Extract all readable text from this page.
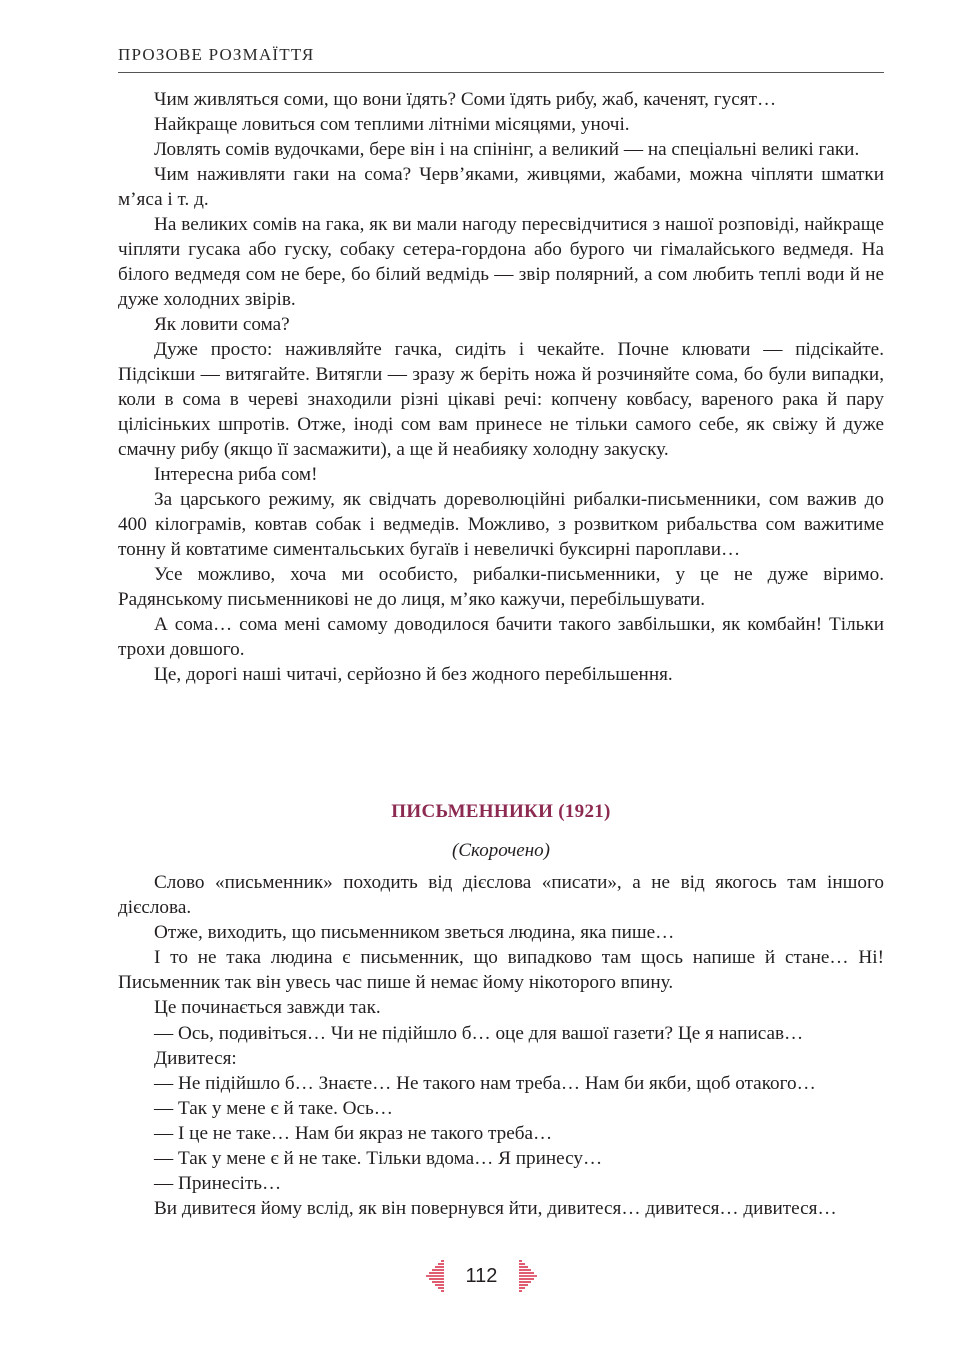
ПРОЗОВЕ РОЗМАЇТТЯ

Чим живляться соми, що вони їдять? Соми їдять рибу, жаб, каченят, гусят…

Найкраще ловиться сом теплими літніми місяцями, уночі.

Ловлять сомів вудочками, бере він і на спінінг, а великий — на спеціальні великі гаки.

Чим наживляти гаки на сома? Черв’яками, живцями, жабами, можна чіпляти шматки м’яса і т. д.

На великих сомів на гака, як ви мали нагоду пересвідчитися з нашої розповіді, найкраще чіпляти гусака або гуску, собаку сетера-гордона або бурого чи гімалайського ведмедя. На білого ведмедя сом не бере, бо білий ведмідь — звір полярний, а сом любить теплі води й не дуже холодних звірів.

Як ловити сома?

Дуже просто: наживляйте гачка, сидіть і чекайте. Почне клювати — підсікайте. Підсікши — витягайте. Витягли — зразу ж беріть ножа й розчиняйте сома, бо були випадки, коли в сома в череві знаходили різні цікаві речі: копчену ковбасу, вареного рака й пару цілісіньких шпротів. Отже, іноді сом вам принесе не тільки самого себе, як свіжу й дуже смачну рибу (якщо її засмажити), а ще й неабияку холодну закуску.

Інтересна риба сом!

За царського режиму, як свідчать дореволюційні рибалки-письменники, сом важив до 400 кілограмів, ковтав собак і ведмедів. Можливо, з розвитком рибальства сом важитиме тонну й ковтатиме симентальських бугаїв і невеличкі буксирні пароплави…

Усе можливо, хоча ми особисто, рибалки-письменники, у це не дуже віримо. Радянському письменникові не до лиця, м’яко кажучи, перебільшувати.

А сома… сома мені самому доводилося бачити такого завбільшки, як комбайн! Тільки трохи довшого.

Це, дорогі наші читачі, серйозно й без жодного перебільшення.

ПИСЬМЕННИКИ (1921)
(Скорочено)

Слово «письменник» походить від дієслова «писати», а не від якогось там іншого дієслова.

Отже, виходить, що письменником зветься людина, яка пише…

І то не така людина є письменник, що випадково там щось напише й стане… Ні! Письменник так він увесь час пише й немає йому нікоторого впину.

Це починається завжди так.

— Ось, подивіться… Чи не підійшло б… оце для вашої газети? Це я написав…

Дивитеся:

— Не підійшло б… Знаєте… Не такого нам треба… Нам би якби, щоб отакого…

— Так у мене є й таке. Ось…

— І це не таке… Нам би якраз не такого треба…

— Так у мене є й не таке. Тільки вдома… Я принесу…

— Принесіть…

Ви дивитеся йому вслід, як він повернувся йти, дивитеся… дивитеся… дивитеся…

112
